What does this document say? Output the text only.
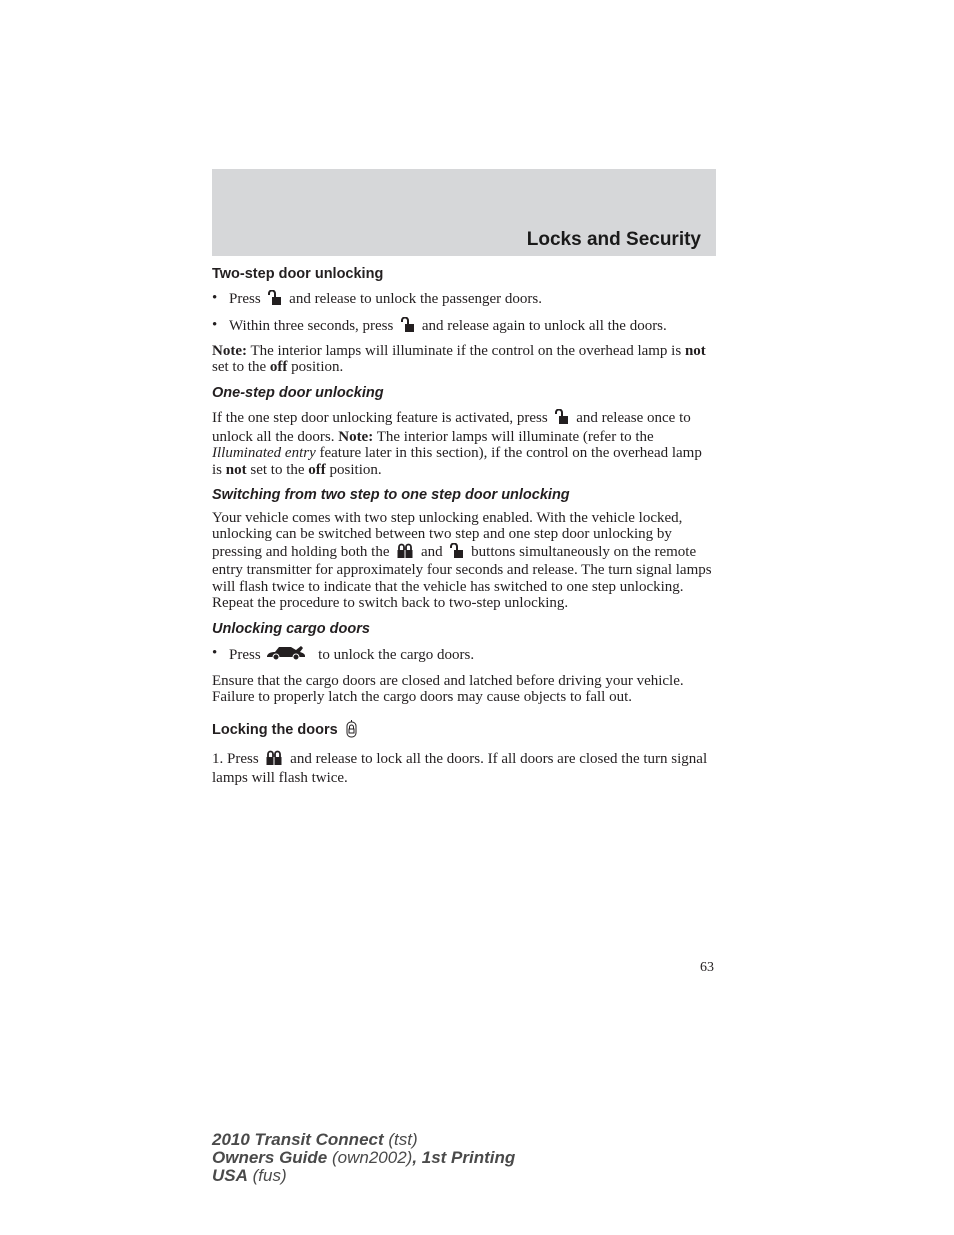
Locks and Security

Two-step door unlocking

• Press and release to unlock the passenger doors.
• Within three seconds, press and release again to unlock all the doors.

Note: The interior lamps will illuminate if the control on the overhead lamp is not set to the off position.

One-step door unlocking

If the one step door unlocking feature is activated, press and release once to unlock all the doors. Note: The interior lamps will illuminate (refer to the Illuminated entry feature later in this section), if the control on the overhead lamp is not set to the off position.

Switching from two step to one step door unlocking

Your vehicle comes with two step unlocking enabled. With the vehicle locked, unlocking can be switched between two step and one step door unlocking by pressing and holding both the and buttons simultaneously on the remote entry transmitter for approximately four seconds and release. The turn signal lamps will flash twice to indicate that the vehicle has switched to one step unlocking. Repeat the procedure to switch back to two-step unlocking.

Unlocking cargo doors

• Press	to unlock the cargo doors.

Ensure that the cargo doors are closed and latched before driving your vehicle. Failure to properly latch the cargo doors may cause objects to fall out.

Locking the doors

1. Press and release to lock all the doors. If all doors are closed the turn signal lamps will flash twice.

63
2010 Transit Connect (tst)
Owners Guide (own2002), 1st Printing
USA (fus)
